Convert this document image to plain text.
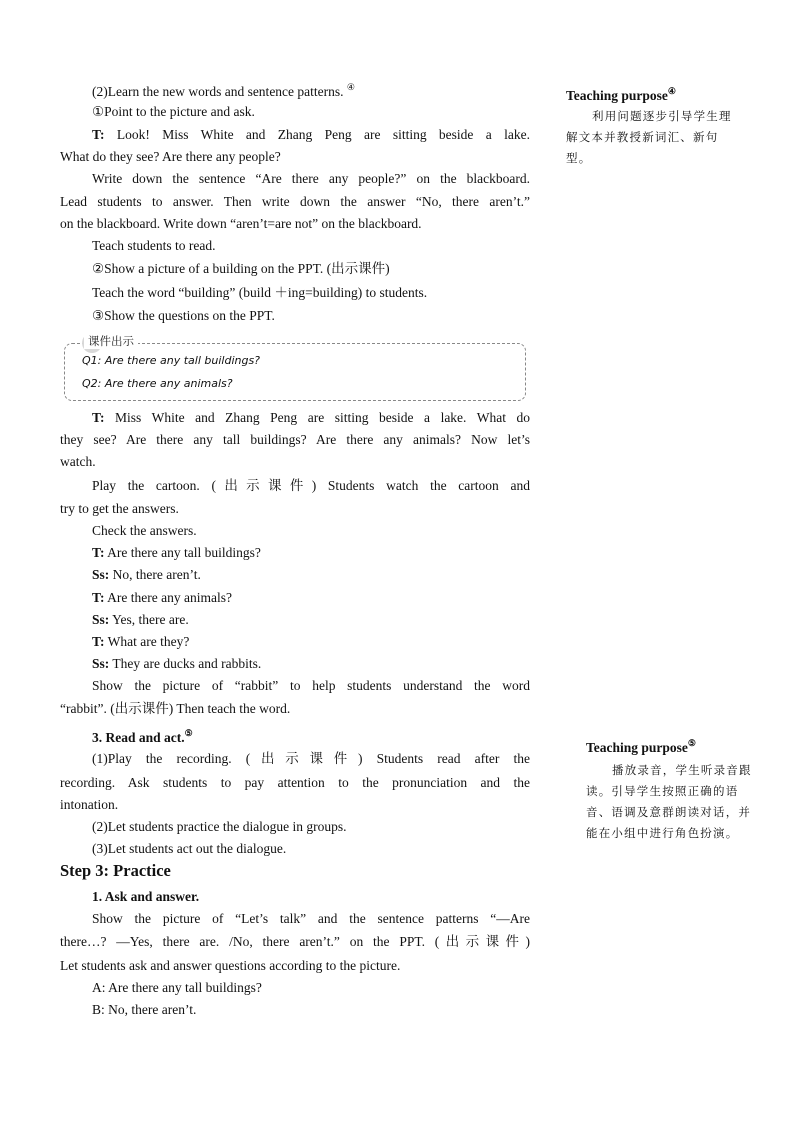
(2)Learn the new words and sentence patterns. ④
①Point to the picture and ask.
T: Look! Miss White and Zhang Peng are sitting beside a lake.
What do they see? Are there any people?
Write down the sentence “Are there any people?” on the blackboard.
Lead students to answer. Then write down the answer “No, there aren’t.”
on the blackboard. Write down “aren’t=are not” on the blackboard.
Teach students to read.
②Show a picture of a building on the PPT. (出示课件)
Teach the word “building” (build ＋ing=building) to students.
③Show the questions on the PPT.
课件出示
Q1: Are there any tall buildings?
Q2: Are there any animals?
T: Miss White and Zhang Peng are sitting beside a lake. What do
they see? Are there any tall buildings? Are there any animals? Now let’s
watch.
Play the cartoon. (出示课件) Students watch the cartoon and
try to get the answers.
Check the answers.
T: Are there any tall buildings?
Ss: No, there aren’t.
T: Are there any animals?
Ss: Yes, there are.
T: What are they?
Ss: They are ducks and rabbits.
Show the picture of “rabbit” to help students understand the word
“rabbit”. (出示课件) Then teach the word.
3. Read and act.⑤
(1)Play the recording. (出示课件) Students read after the
recording. Ask students to pay attention to the pronunciation and the
intonation.
(2)Let students practice the dialogue in groups.
(3)Let students act out the dialogue.
Step 3: Practice
1. Ask and answer.
Show the picture of “Let’s talk” and the sentence patterns “—Are
there…? —Yes, there are. /No, there aren’t.” on the PPT. (出示课件)
Let students ask and answer questions according to the picture.
A: Are there any tall buildings?
B: No, there aren’t.
Teaching purpose④
利用问题逐步引导学生理解文本并教授新词汇、新句型。
Teaching purpose⑤
播放录音，学生听录音跟读。引导学生按照正确的语音、语调及意群朗读对话，并能在小组中进行角色扮演。
